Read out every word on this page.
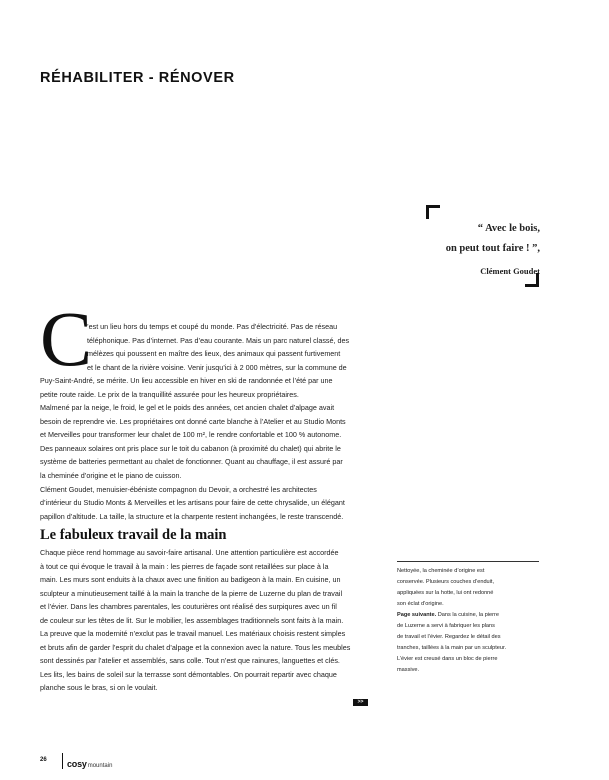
RÉHABILITER - RÉNOVER
“ Avec le bois,
on peut tout faire ! ”,
Clément Goudet
C
’est un lieu hors du temps et coupé du monde. Pas d’électricité. Pas de réseau
téléphonique. Pas d’internet. Pas d’eau courante. Mais un parc naturel classé, des
mélèzes qui poussent en maître des lieux, des animaux qui passent furtivement
et le chant de la rivière voisine. Venir jusqu’ici à 2 000 mètres, sur la commune de
Puy-Saint-André, se mérite. Un lieu accessible en hiver en ski de randonnée et l’été par une
petite route raide. Le prix de la tranquillité assurée pour les heureux propriétaires.
Malmené par la neige, le froid, le gel et le poids des années, cet ancien chalet d’alpage avait
besoin de reprendre vie. Les propriétaires ont donné carte blanche à l’Atelier et au Studio Monts
et Merveilles pour transformer leur chalet de 100 m², le rendre confortable et 100 % autonome.
Des panneaux solaires ont pris place sur le toit du cabanon (à proximité du chalet) qui abrite le
système de batteries permettant au chalet de fonctionner. Quant au chauffage, il est assuré par
la cheminée d’origine et le piano de cuisson.
Clément Goudet, menuisier-ébéniste compagnon du Devoir, a orchestré les architectes
d’intérieur du Studio Monts & Merveilles et les artisans pour faire de cette chrysalide, un élégant
papillon d’altitude. La taille, la structure et la charpente restent inchangées, le reste transcendé.
Le fabuleux travail de la main
Chaque pièce rend hommage au savoir-faire artisanal. Une attention particulière est accordée
à tout ce qui évoque le travail à la main : les pierres de façade sont retaillées sur place à la
main. Les murs sont enduits à la chaux avec une finition au badigeon à la main. En cuisine, un
sculpteur a minutieusement taillé à la main la tranche de la pierre de Luzerne du plan de travail
et l’évier. Dans les chambres parentales, les couturières ont réalisé des surpiqures avec un fil
de couleur sur les têtes de lit. Sur le mobilier, les assemblages traditionnels sont faits à la main.
La preuve que la modernité n’exclut pas le travail manuel. Les matériaux choisis restent simples
et bruts afin de garder l’esprit du chalet d’alpage et la connexion avec la nature. Tous les meubles
sont dessinés par l’atelier et assemblés, sans colle. Tout n’est que rainures, languettes et clés.
Les lits, les bains de soleil sur la terrasse sont démontables. On pourrait repartir avec chaque
planche sous le bras, si on le voulait.
>>
Nettoyée, la cheminée d’origine est
conservée. Plusieurs couches d’enduit,
appliquées sur la hotte, lui ont redonné
son éclat d’origine.
Page suivante. Dans la cuisine, la pierre
de Luzerne a servi à fabriquer les plans
de travail et l’évier. Regardez le détail des
tranches, taillées à la main par un sculpteur.
L’évier est creusé dans un bloc de pierre
massive.
26 cosymountain
